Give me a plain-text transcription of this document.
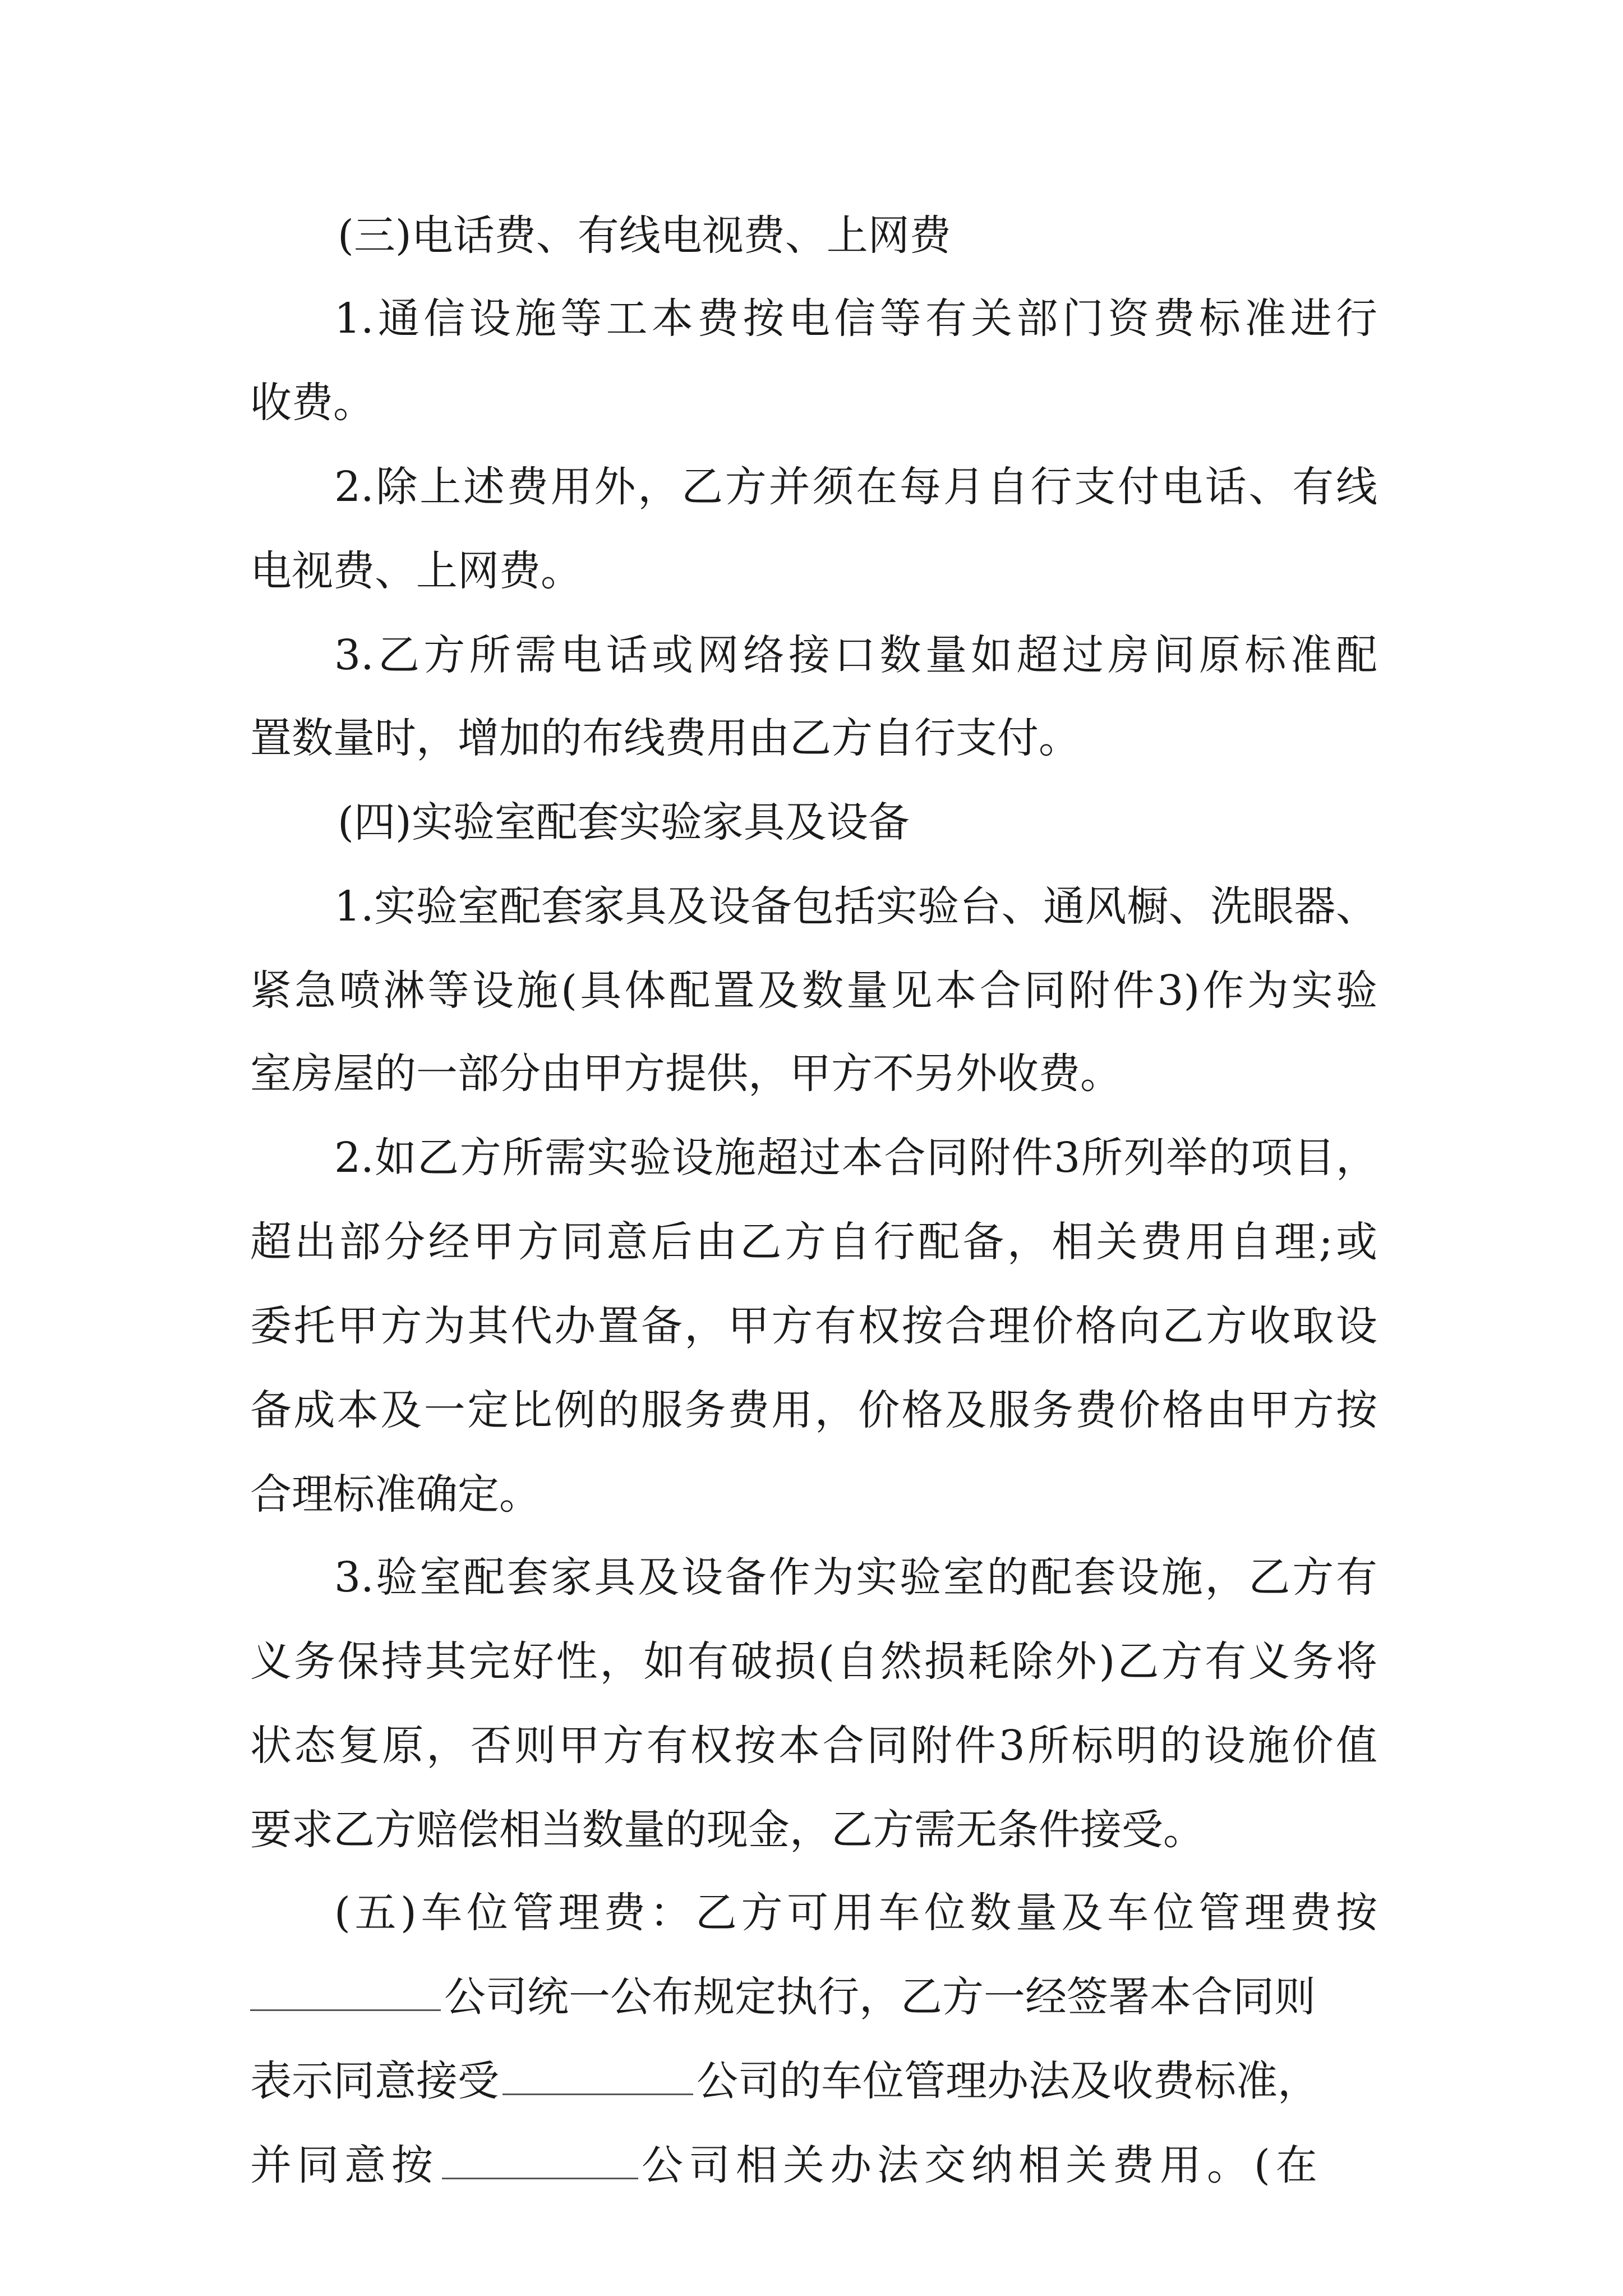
(三)电话费、有线电视费、上网费
1.通信设施等工本费按电信等有关部门资费标准进行
收费。
2.除上述费用外，乙方并须在每月自行支付电话、有线
电视费、上网费。
3.乙方所需电话或网络接口数量如超过房间原标准配
置数量时，增加的布线费用由乙方自行支付。
(四)实验室配套实验家具及设备
1.实验室配套家具及设备包括实验台、通风橱、洗眼器、
紧急喷淋等设施(具体配置及数量见本合同附件3)作为实验
室房屋的一部分由甲方提供，甲方不另外收费。
2.如乙方所需实验设施超过本合同附件3所列举的项目，
超出部分经甲方同意后由乙方自行配备，相关费用自理;或
委托甲方为其代办置备，甲方有权按合理价格向乙方收取设
备成本及一定比例的服务费用，价格及服务费价格由甲方按
合理标准确定。
3.验室配套家具及设备作为实验室的配套设施，乙方有
义务保持其完好性，如有破损(自然损耗除外)乙方有义务将
状态复原，否则甲方有权按本合同附件3所标明的设施价值
要求乙方赔偿相当数量的现金，乙方需无条件接受。
(五)车位管理费：乙方可用车位数量及车位管理费按
公司统一公布规定执行，乙方一经签署本合同则
表示同意接受	公司的车位管理办法及收费标准，
并同意按	公司相关办法交纳相关费用。(在
